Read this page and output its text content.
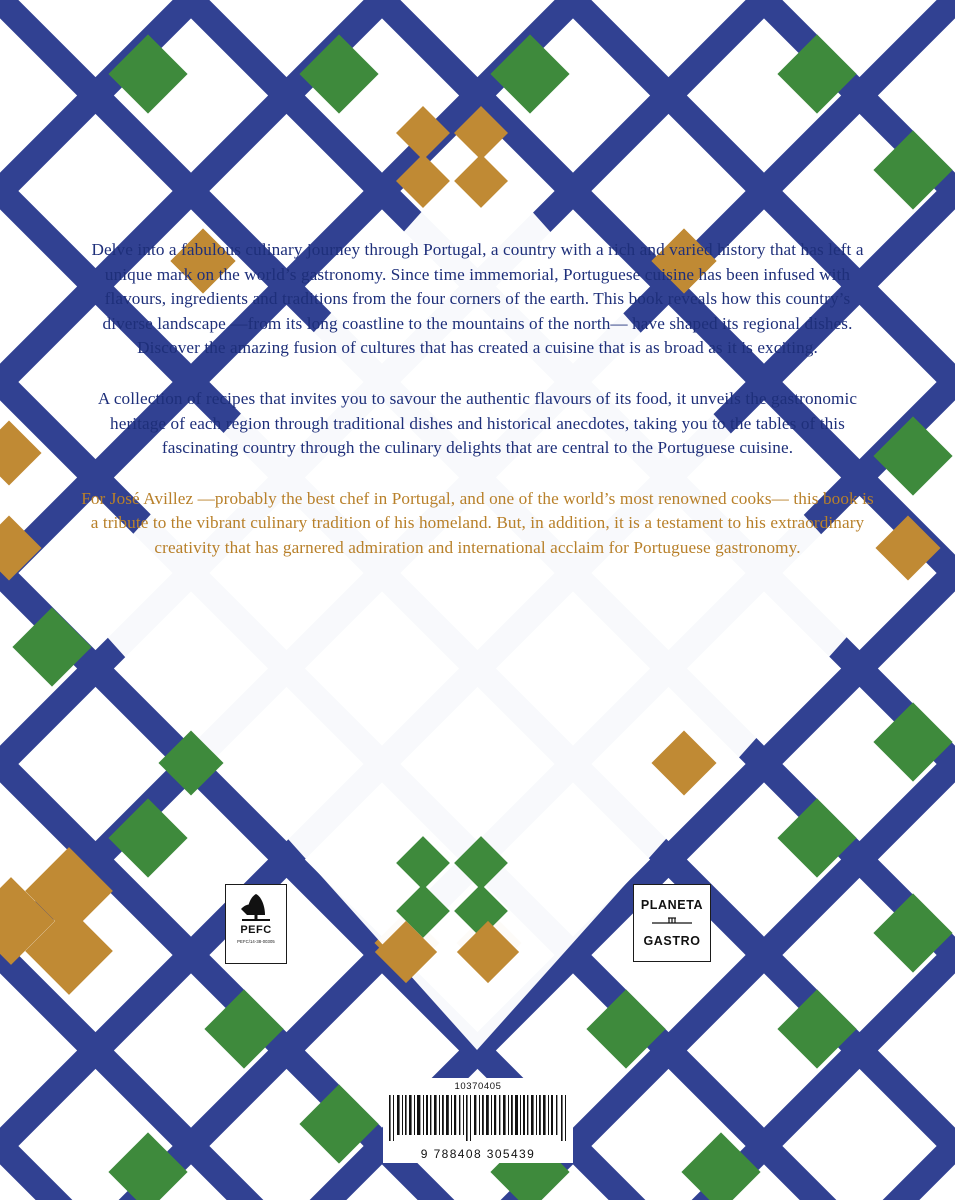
Delve into a fabulous culinary journey through Portugal, a country with a rich and varied history that has left a unique mark on the world’s gastronomy. Since time immemorial, Portuguese cuisine has been infused with flavours, ingredients and traditions from the four corners of the earth. This book reveals how this country’s diverse landscape —from its long coastline to the mountains of the north— have shaped its regional dishes. Discover the amazing fusion of cultures that has created a cuisine that is as broad as it is exciting.

A collection of recipes that invites you to savour the authentic flavours of its food, it unveils the gastronomic heritage of each region through traditional dishes and historical anecdotes, taking you to the tables of this fascinating country through the culinary delights that are central to the Portuguese cuisine.

For José Avillez —probably the best chef in Portugal, and one of the world’s most renowned cooks— this book is a tribute to the vibrant culinary tradition of his homeland. But, in addition, it is a testament to his extraordinary creativity that has garnered admiration and international acclaim for Portuguese gastronomy.

PEFC
PEFC/14-38-00305
PLANETA
GASTRO
10370405
9 788408 305439
